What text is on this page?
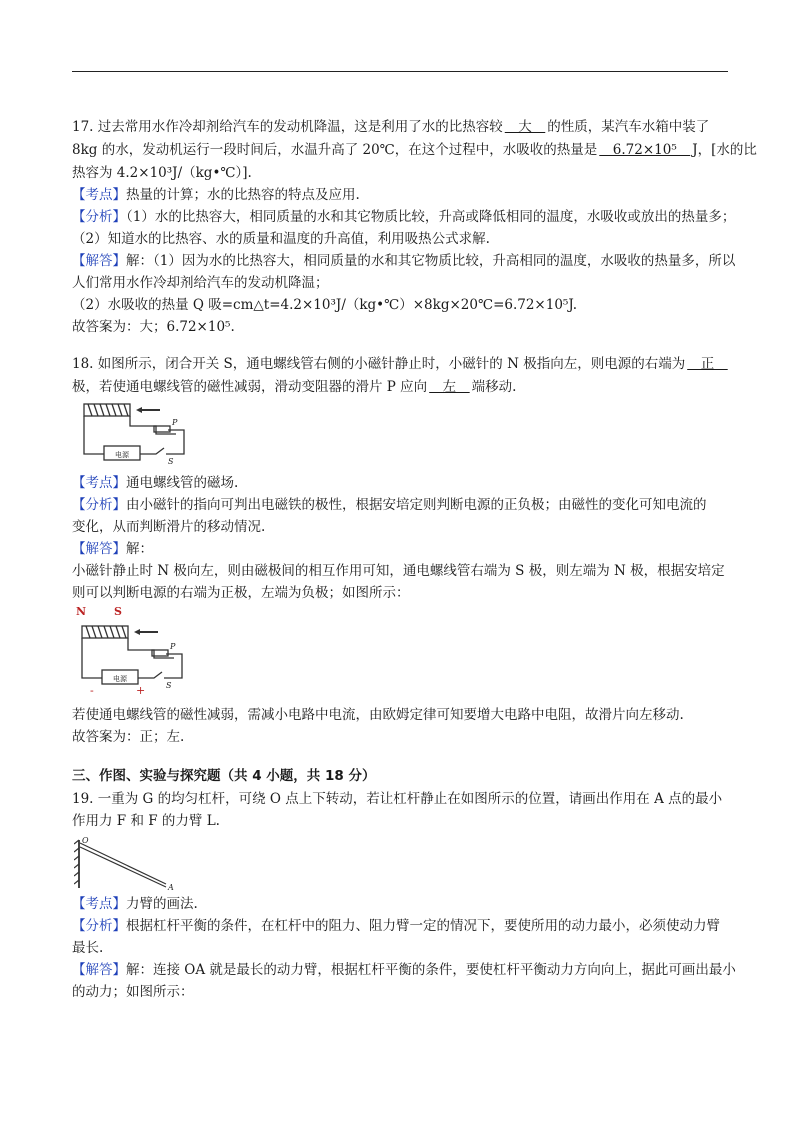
17. 过去常用水作冷却剂给汽车的发动机降温，这是利用了水的比热容较　大　的性质，某汽车水箱中装了
8kg 的水，发动机运行一段时间后，水温升高了 20℃，在这个过程中，水吸收的热量是　6.72×10⁵　J，[水的比
热容为 4.2×10³J/（kg•℃）].
【考点】热量的计算；水的比热容的特点及应用.
【分析】（1）水的比热容大，相同质量的水和其它物质比较，升高或降低相同的温度，水吸收或放出的热量多；
（2）知道水的比热容、水的质量和温度的升高值，利用吸热公式求解.
【解答】解：（1）因为水的比热容大，相同质量的水和其它物质比较，升高相同的温度，水吸收的热量多，所以
人们常用水作冷却剂给汽车的发动机降温；
（2）水吸收的热量 Q 吸=cm△t=4.2×10³J/（kg•℃）×8kg×20℃=6.72×10⁵J.
故答案为：大；6.72×10⁵.
18. 如图所示，闭合开关 S，通电螺线管右侧的小磁针静止时，小磁针的 N 极指向左，则电源的右端为　正　
极，若使通电螺线管的磁性减弱，滑动变阻器的滑片 P 应向　左　端移动.
电源
P
S
【考点】通电螺线管的磁场.
【分析】由小磁针的指向可判出电磁铁的极性，根据安培定则判断电源的正负极；由磁性的变化可知电流的
变化，从而判断滑片的移动情况.
【解答】解：
小磁针静止时 N 极向左，则由磁极间的相互作用可知，通电螺线管右端为 S 极，则左端为 N 极，根据安培定
则可以判断电源的右端为正极，左端为负极；如图所示：
N	S
电源
P
S
-	+
若使通电螺线管的磁性减弱，需减小电路中电流，由欧姆定律可知要增大电路中电阻，故滑片向左移动.
故答案为：正；左.
三、作图、实验与探究题（共 4 小题，共 18 分）
19. 一重为 G 的均匀杠杆，可绕 O 点上下转动，若让杠杆静止在如图所示的位置，请画出作用在 A 点的最小
作用力 F 和 F 的力臂 L.
O
A
【考点】力臂的画法.
【分析】根据杠杆平衡的条件，在杠杆中的阻力、阻力臂一定的情况下，要使所用的动力最小，必须使动力臂
最长.
【解答】解：连接 OA 就是最长的动力臂，根据杠杆平衡的条件，要使杠杆平衡动力方向向上，据此可画出最小
的动力；如图所示：
